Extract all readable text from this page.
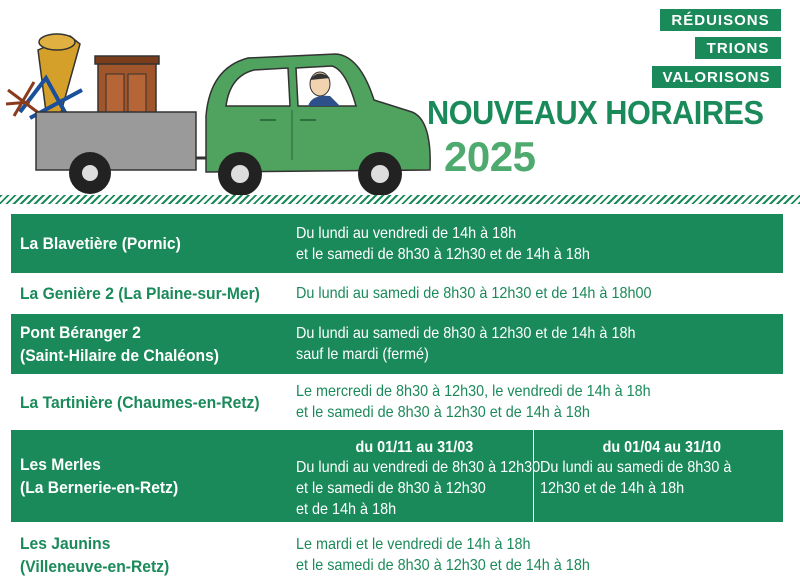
RÉDUISONS
TRIONS
VALORISONS
NOUVEAUX HORAIRES
2025
La Blavetière (Pornic)
Du lundi au vendredi de 14h à 18h
et le samedi de 8h30 à 12h30 et de 14h à 18h
La Genière 2 (La Plaine-sur-Mer)	Du lundi au samedi de 8h30 à 12h30 et de 14h à 18h00
Pont Béranger 2
(Saint-Hilaire de Chaléons)
Du lundi au samedi de 8h30 à 12h30 et de 14h à 18h
sauf le mardi (fermé)
La Tartinière (Chaumes-en-Retz)
Le mercredi de 8h30 à 12h30, le vendredi de 14h à 18h
et le samedi de 8h30 à 12h30 et de 14h à 18h
Les Merles
(La Bernerie-en-Retz)
du 01/11 au 31/03
Du lundi au vendredi de 8h30 à 12h30
et le samedi de 8h30 à 12h30
et de 14h à 18h
du 01/04 au 31/10
Du lundi au samedi de 8h30 à
12h30 et de 14h à 18h
Les Jaunins
(Villeneuve-en-Retz)
Le mardi et le vendredi de 14h à 18h
et le samedi de 8h30 à 12h30 et de 14h à 18h
